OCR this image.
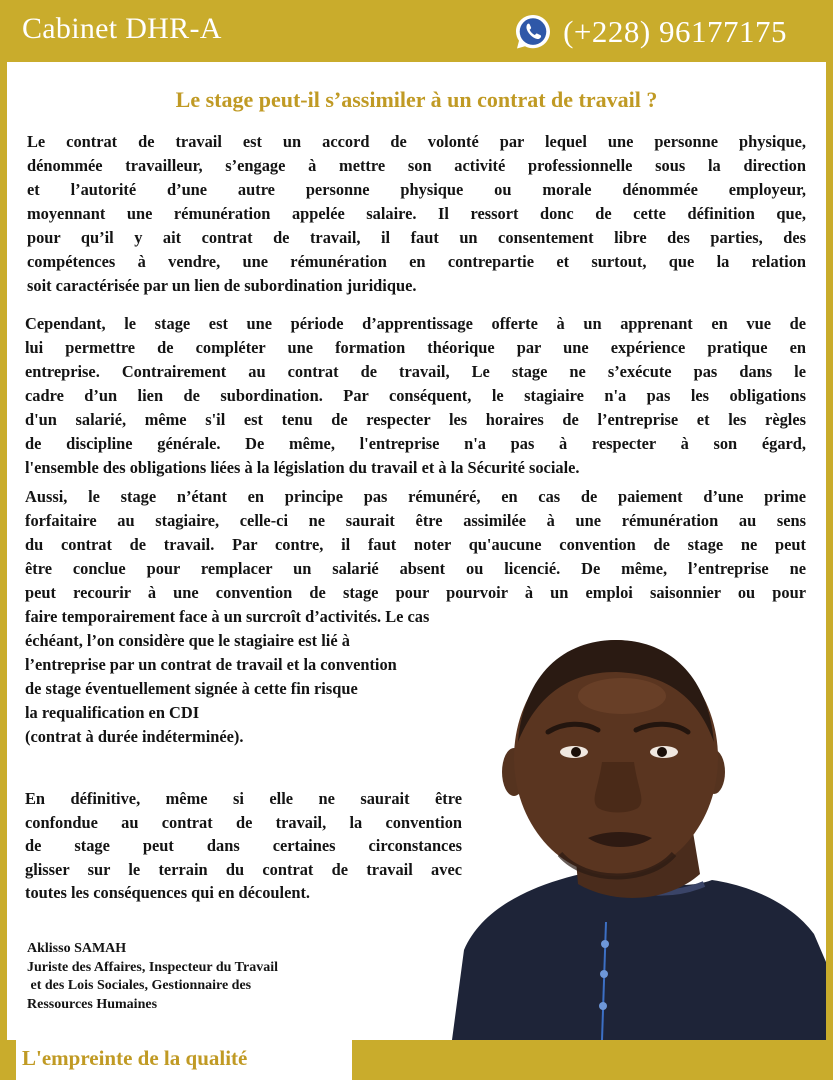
Cabinet DHR-A	(+228) 96177175
Le stage peut-il s’assimiler à un contrat de travail ?
Le contrat de travail est un accord de volonté par lequel une personne physique,
dénommée travailleur, s’engage à mettre son activité professionnelle sous la direction
et l’autorité d’une autre personne physique ou morale dénommée employeur,
moyennant une rémunération appelée salaire. Il ressort donc de cette définition que,
pour qu’il y ait contrat de travail, il faut un consentement libre des parties, des
compétences à vendre, une rémunération en contrepartie et surtout, que la relation
soit caractérisée par un lien de subordination juridique.
Cependant, le stage est une période d’apprentissage offerte à un apprenant en vue de
lui permettre de compléter une formation théorique par une expérience pratique en
entreprise. Contrairement au contrat de travail, Le stage ne s’exécute pas dans le
cadre d’un lien de subordination. Par conséquent, le stagiaire n'a pas les obligations
d'un salarié, même s'il est tenu de respecter les horaires de l’entreprise et les règles
de discipline générale. De même, l'entreprise n'a pas à respecter à son égard,
l'ensemble des obligations liées à la législation du travail et à la Sécurité sociale.
Aussi, le stage n’étant en principe pas rémunéré, en cas de paiement d’une prime
forfaitaire au stagiaire, celle-ci ne saurait être assimilée à une rémunération au sens
du contrat de travail. Par contre, il faut noter qu'aucune convention de stage ne peut
être conclue pour remplacer un salarié absent ou licencié. De même, l’entreprise ne
peut recourir à une convention de stage pour pourvoir à un emploi saisonnier ou pour
faire temporairement face à un surcroît d’activités. Le cas
échéant, l’on considère que le stagiaire est lié à
l’entreprise par un contrat de travail et la convention
de stage éventuellement signée à cette fin risque
la requalification en CDI
(contrat à durée indéterminée).
En définitive, même si elle ne saurait être
confondue au contrat de travail, la convention
de stage peut dans certaines circonstances
glisser sur le terrain du contrat de travail avec
toutes les conséquences qui en découlent.
Aklisso SAMAH
Juriste des Affaires, Inspecteur du Travail
et des Lois Sociales, Gestionnaire des
Ressources Humaines
L'empreinte de la qualité
